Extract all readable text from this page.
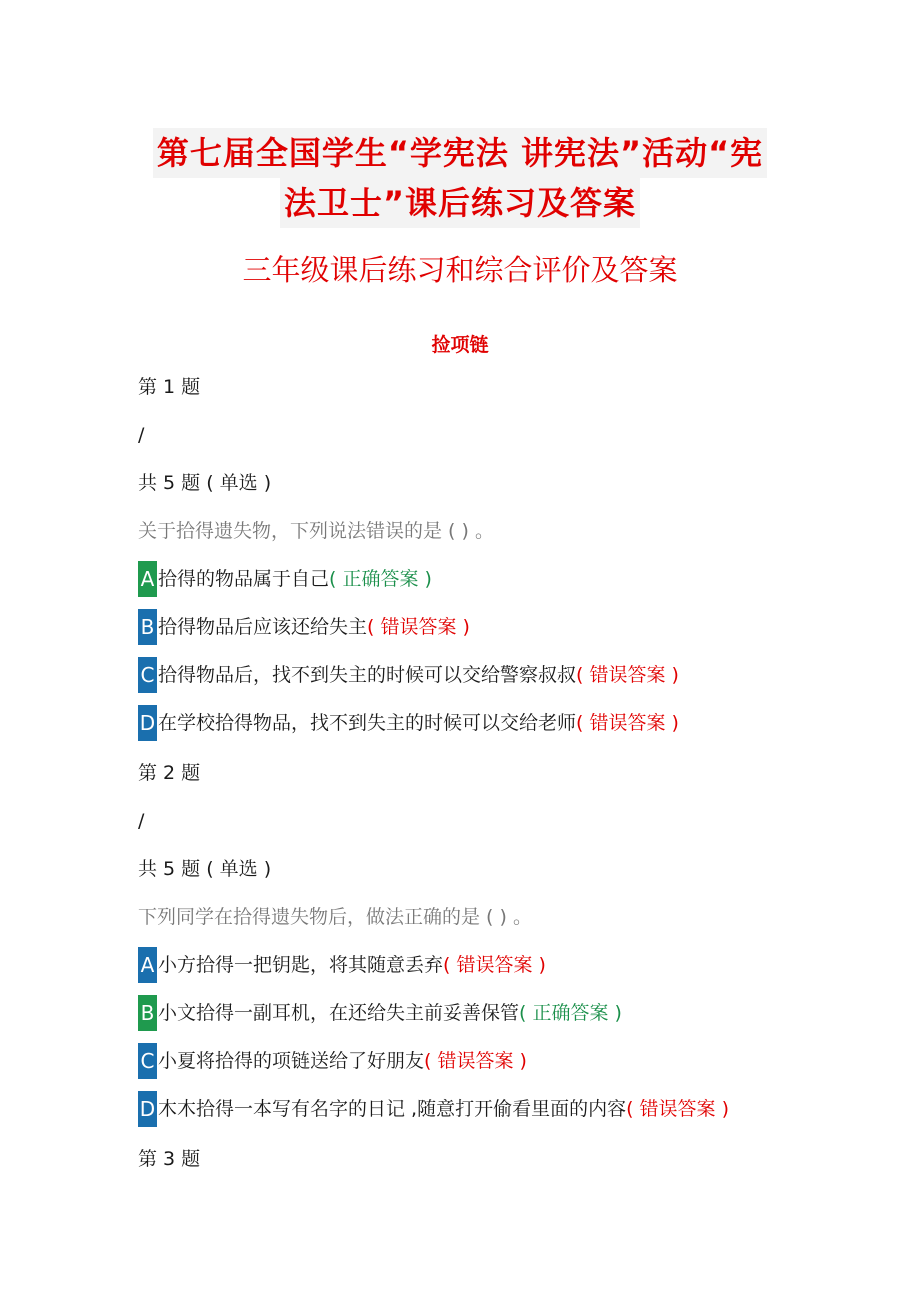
第七届全国学生“学宪法 讲宪法”活动“宪
法卫士”课后练习及答案
三年级课后练习和综合评价及答案
捡项链
第 1 题
/
共 5 题 ( 单选 )
关于拾得遗失物，下列说法错误的是 ( ) 。
A 拾得的物品属于自己 ( 正确答案 )
B 拾得物品后应该还给失主 ( 错误答案 )
C 拾得物品后，找不到失主的时候可以交给警察叔叔 ( 错误答案 )
D 在学校拾得物品，找不到失主的时候可以交给老师 ( 错误答案 )
第 2 题
/
共 5 题 ( 单选 )
下列同学在拾得遗失物后，做法正确的是 ( ) 。
A 小方拾得一把钥匙，将其随意丢弃 ( 错误答案 )
B 小文拾得一副耳机，在还给失主前妥善保管 ( 正确答案 )
C 小夏将拾得的项链送给了好朋友 ( 错误答案 )
D 木木拾得一本写有名字的日记 ,随意打开偷看里面的内容 ( 错误答案 )
第 3 题
